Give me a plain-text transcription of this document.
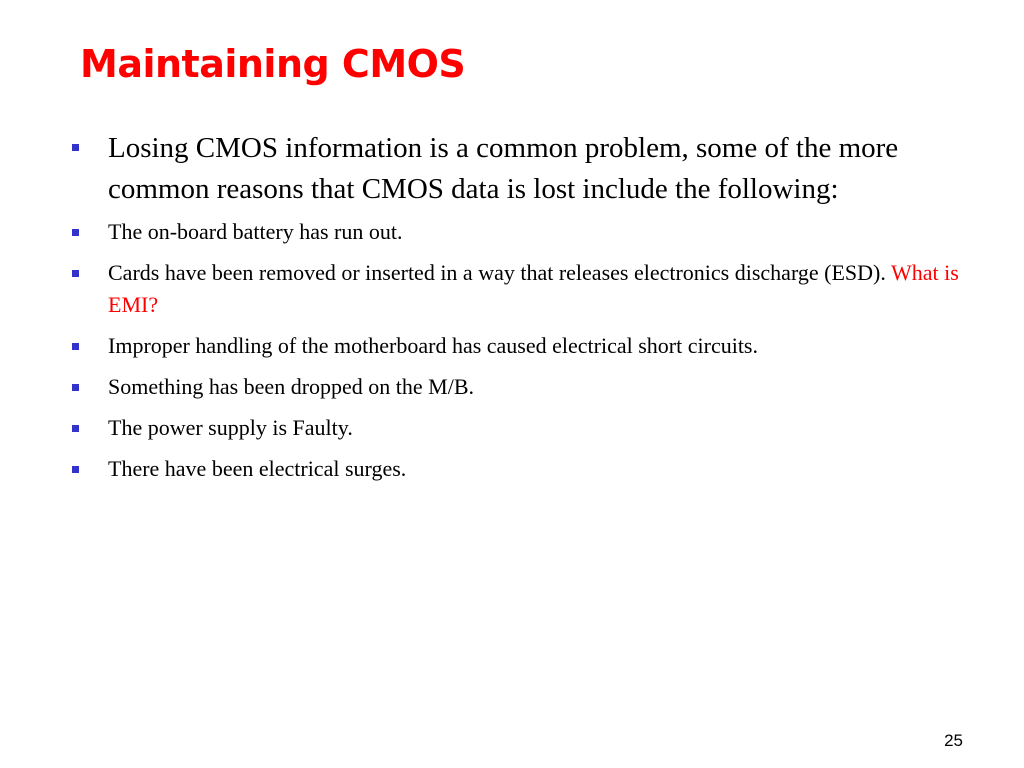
Maintaining CMOS
Losing CMOS information is a common problem, some of the more common reasons that CMOS data is lost include the following:
The on-board battery has run out.
Cards have been removed or inserted in a way that releases electronics discharge (ESD). What is EMI?
Improper handling of the motherboard has caused electrical short circuits.
Something has been dropped on the M/B.
The power supply is Faulty.
There have been electrical surges.
25
